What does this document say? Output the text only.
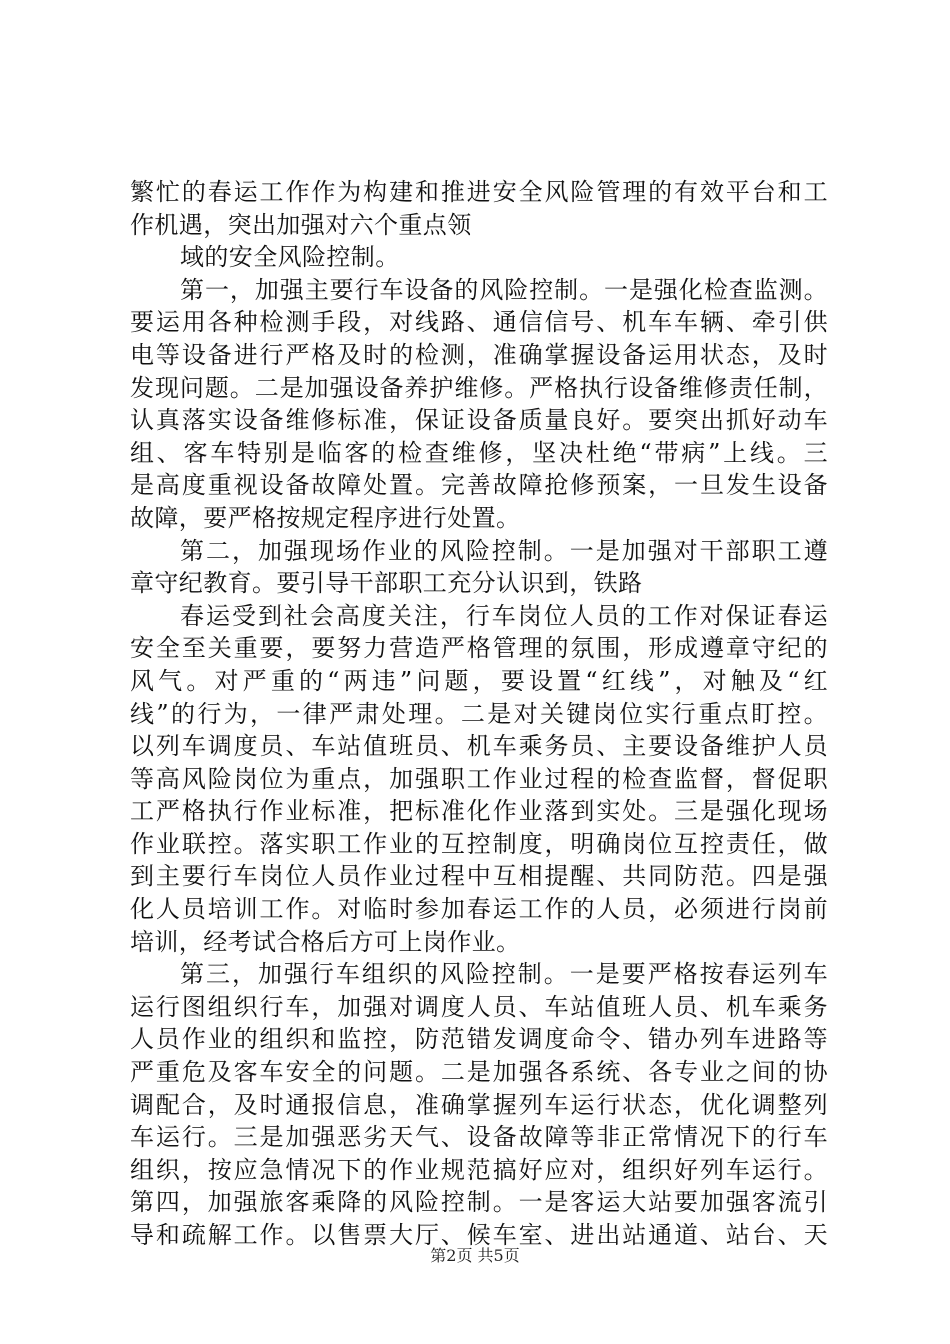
繁忙的春运工作作为构建和推进安全风险管理的有效平台和工
作机遇，突出加强对六个重点领
域的安全风险控制。
第一，加强主要行车设备的风险控制。一是强化检查监测。
要运用各种检测手段，对线路、通信信号、机车车辆、牵引供
电等设备进行严格及时的检测，准确掌握设备运用状态，及时
发现问题。二是加强设备养护维修。严格执行设备维修责任制，
认真落实设备维修标准，保证设备质量良好。要突出抓好动车
组、客车特别是临客的检查维修，坚决杜绝“带病”上线。三
是高度重视设备故障处置。完善故障抢修预案，一旦发生设备
故障，要严格按规定程序进行处置。
第二，加强现场作业的风险控制。一是加强对干部职工遵
章守纪教育。要引导干部职工充分认识到，铁路
春运受到社会高度关注，行车岗位人员的工作对保证春运
安全至关重要，要努力营造严格管理的氛围，形成遵章守纪的
风气。对严重的“两违”问题，要设置“红线”，对触及“红
线”的行为，一律严肃处理。二是对关键岗位实行重点盯控。
以列车调度员、车站值班员、机车乘务员、主要设备维护人员
等高风险岗位为重点，加强职工作业过程的检查监督，督促职
工严格执行作业标准，把标准化作业落到实处。三是强化现场
作业联控。落实职工作业的互控制度，明确岗位互控责任，做
到主要行车岗位人员作业过程中互相提醒、共同防范。四是强
化人员培训工作。对临时参加春运工作的人员，必须进行岗前
培训，经考试合格后方可上岗作业。
第三，加强行车组织的风险控制。一是要严格按春运列车
运行图组织行车，加强对调度人员、车站值班人员、机车乘务
人员作业的组织和监控，防范错发调度命令、错办列车进路等
严重危及客车安全的问题。二是加强各系统、各专业之间的协
调配合，及时通报信息，准确掌握列车运行状态，优化调整列
车运行。三是加强恶劣天气、设备故障等非正常情况下的行车
组织，按应急情况下的作业规范搞好应对，组织好列车运行。
第四，加强旅客乘降的风险控制。一是客运大站要加强客流引
导和疏解工作。以售票大厅、候车室、进出站通道、站台、天
第2页 共5页
